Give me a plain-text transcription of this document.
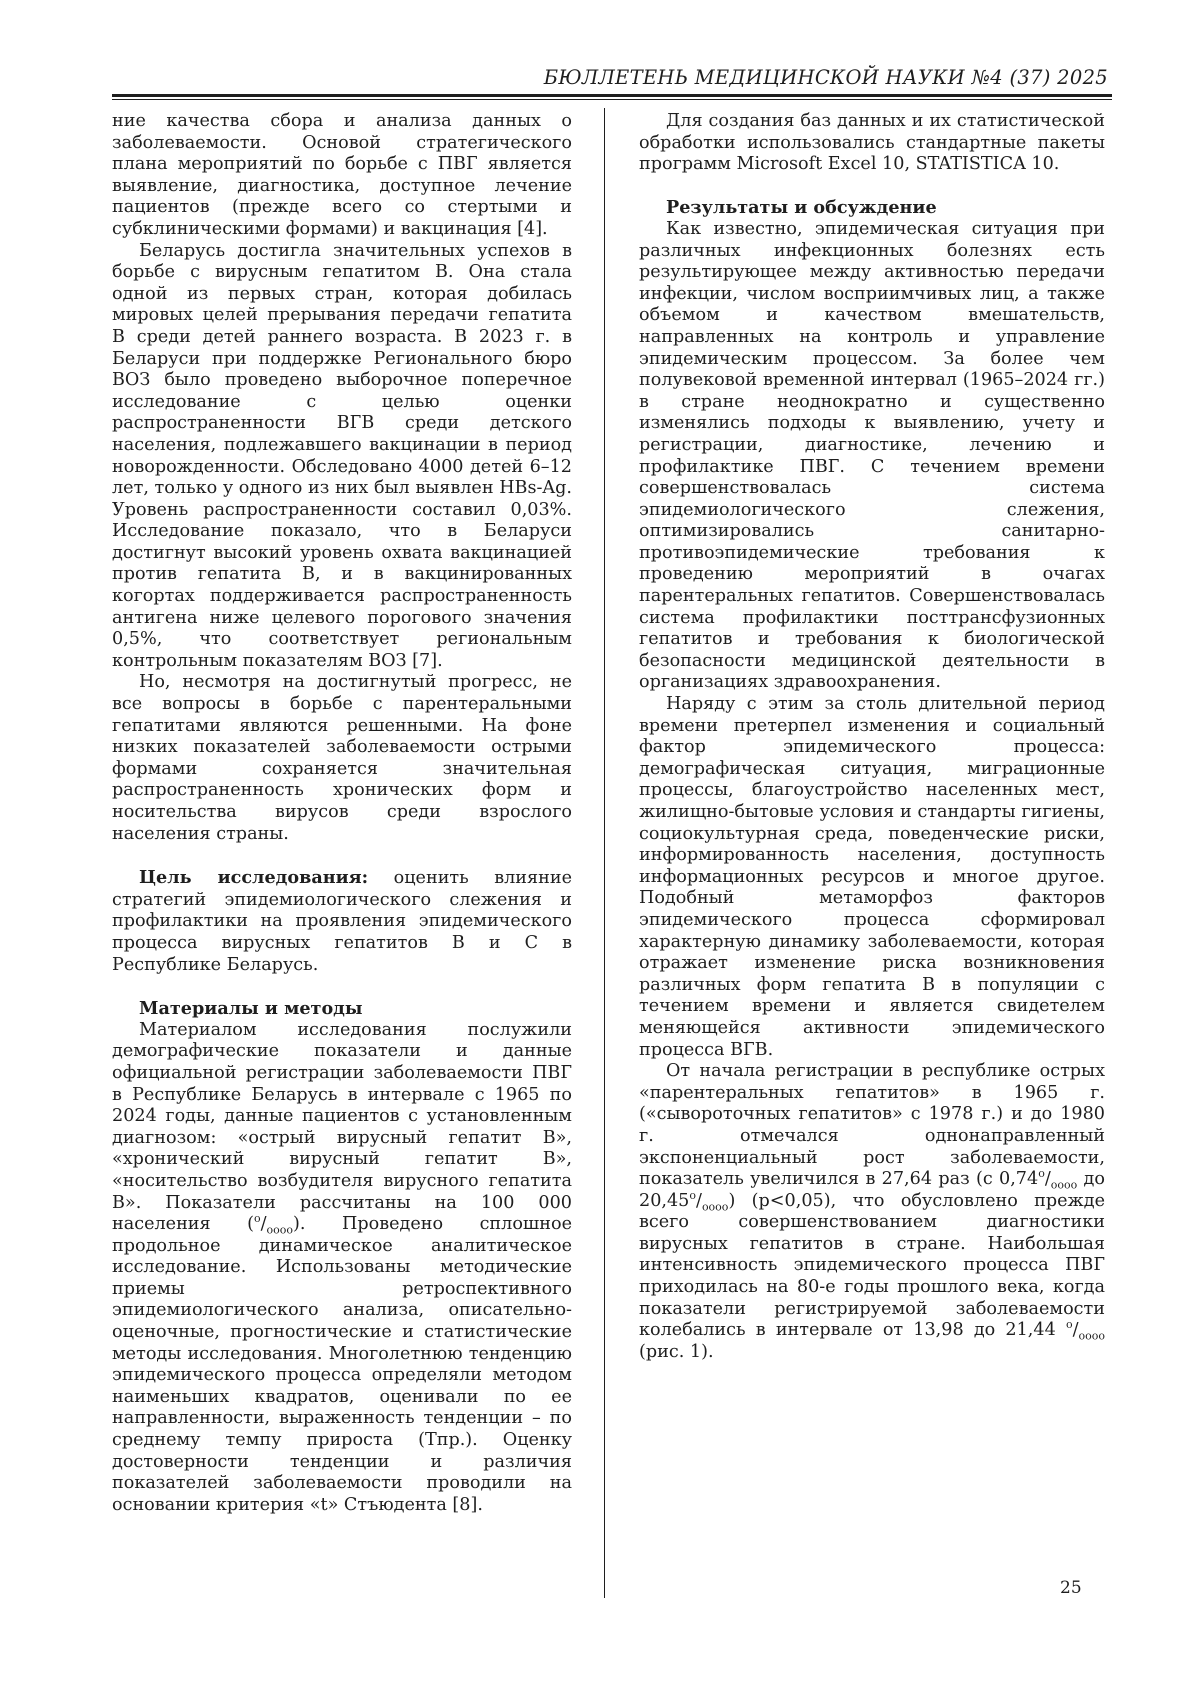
БЮЛЛЕТЕНЬ МЕДИЦИНСКОЙ НАУКИ №4 (37) 2025

ние качества сбора и анализа данных о заболеваемости. Основой стратегического плана мероприятий по борьбе с ПВГ является выявление, диагностика, доступное лечение пациентов (прежде всего со стертыми и субклиническими формами) и вакцинация [4].

Беларусь достигла значительных успехов в борьбе с вирусным гепатитом В. Она стала одной из первых стран, которая добилась мировых целей прерывания передачи гепатита В среди детей раннего возраста. В 2023 г. в Беларуси при поддержке Регионального бюро ВОЗ было проведено выборочное поперечное исследование с целью оценки распространенности ВГВ среди детского населения, подлежавшего вакцинации в период новорожденности. Обследовано 4000 детей 6–12 лет, только у одного из них был выявлен HBs-Ag. Уровень распространенности составил 0,03%. Исследование показало, что в Беларуси достигнут высокий уровень охвата вакцинацией против гепатита В, и в вакцинированных когортах поддерживается распространенность антигена ниже целевого порогового значения 0,5%, что соответствует региональным контрольным показателям ВОЗ [7].

Но, несмотря на достигнутый прогресс, не все вопросы в борьбе с парентеральными гепатитами являются решенными. На фоне низких показателей заболеваемости острыми формами сохраняется значительная распространенность хронических форм и носительства вирусов среди взрослого населения страны.

Цель исследования: оценить влияние стратегий эпидемиологического слежения и профилактики на проявления эпидемического процесса вирусных гепатитов В и С в Республике Беларусь.

Материалы и методы

Материалом исследования послужили демографические показатели и данные официальной регистрации заболеваемости ПВГ в Республике Беларусь в интервале с 1965 по 2024 годы, данные пациентов с установленным диагнозом: «острый вирусный гепатит В», «хронический вирусный гепатит В», «носительство возбудителя вирусного гепатита В». Показатели рассчитаны на 100 000 населения $(^о/_{оооо})$. Проведено сплошное продольное динамическое аналитическое исследование. Использованы методические приемы ретроспективного эпидемиологического анализа, описательно-оценочные, прогностические и статистические методы исследования. Многолетнюю тенденцию эпидемического процесса определяли методом наименьших квадратов, оценивали по ее направленности, выраженность тенденции – по среднему темпу прироста (Тпр.). Оценку достоверности тенденции и различия показателей заболеваемости проводили на основании критерия «t» Стъюдента [8].

Для создания баз данных и их статистической обработки использовались стандартные пакеты программ Microsoft Excel 10, STATISTICA 10.

Результаты и обсуждение

Как известно, эпидемическая ситуация при различных инфекционных болезнях есть результирующее между активностью передачи инфекции, числом восприимчивых лиц, а также объемом и качеством вмешательств, направленных на контроль и управление эпидемическим процессом. За более чем полувековой временной интервал (1965–2024 гг.) в стране неоднократно и существенно изменялись подходы к выявлению, учету и регистрации, диагностике, лечению и профилактике ПВГ. С течением времени совершенствовалась система эпидемиологического слежения, оптимизировались санитарно-противоэпидемические требования к проведению мероприятий в очагах парентеральных гепатитов. Совершенствовалась система профилактики посттрансфузионных гепатитов и требования к биологической безопасности медицинской деятельности в организациях здравоохранения.

Наряду с этим за столь длительной период времени претерпел изменения и социальный фактор эпидемического процесса: демографическая ситуация, миграционные процессы, благоустройство населенных мест, жилищно-бытовые условия и стандарты гигиены, социокультурная среда, поведенческие риски, информированность населения, доступность информационных ресурсов и многое другое. Подобный метаморфоз факторов эпидемического процесса сформировал характерную динамику заболеваемости, которая отражает изменение риска возникновения различных форм гепатита В в популяции с течением времени и является свидетелем меняющейся активности эпидемического процесса ВГВ.

От начала регистрации в республике острых «парентеральных гепатитов» в 1965 г. («сывороточных гепатитов» с 1978 г.) и до 1980 г. отмечался однонаправленный экспоненциальный рост заболеваемости, показатель увеличился в 27,64 раз (с $0,74^о/_{оооо}$ до $20,45^о/_{оооо}$) (р<0,05), что обусловлено прежде всего совершенствованием диагностики вирусных гепатитов в стране. Наибольшая интенсивность эпидемического процесса ПВГ приходилась на 80-е годы прошлого века, когда показатели регистрируемой заболеваемости колебались в интервале от 13,98 до 21,44 $^о/_{оооо}$ (рис. 1).

25
